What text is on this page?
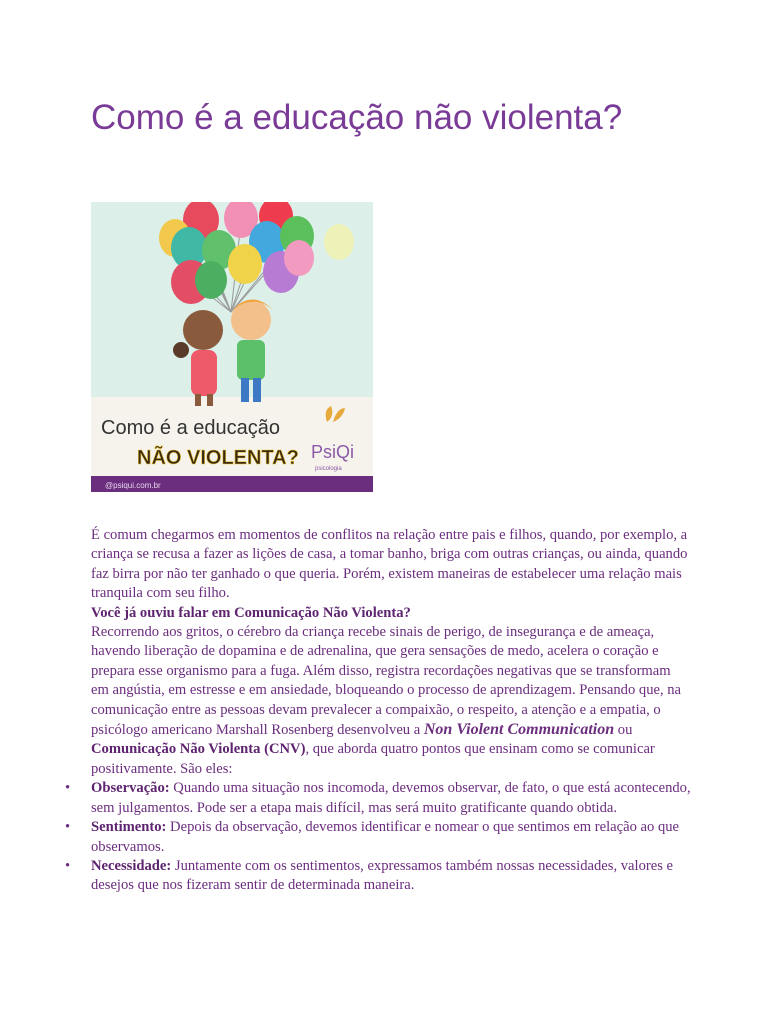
Como é a educação não violenta?
Como é a educação
NÃO VIOLENTA? PsiQi
psicologia
@psiqui.com.br

É comum chegarmos em momentos de conflitos na relação entre pais e filhos, quando, por exemplo, a criança se recusa a fazer as lições de casa, a tomar banho, briga com outras crianças, ou ainda, quando faz birra por não ter ganhado o que queria. Porém, existem maneiras de estabelecer uma relação mais tranquila com seu filho.

Você já ouviu falar em Comunicação Não Violenta?

Recorrendo aos gritos, o cérebro da criança recebe sinais de perigo, de insegurança e de ameaça, havendo liberação de dopamina e de adrenalina, que gera sensações de medo, acelera o coração e prepara esse organismo para a fuga. Além disso, registra recordações negativas que se transformam em angústia, em estresse e em ansiedade, bloqueando o processo de aprendizagem. Pensando que, na comunicação entre as pessoas devam prevalecer a compaixão, o respeito, a atenção e a empatia, o psicólogo americano Marshall Rosenberg desenvolveu a Non Violent Communication ou Comunicação Não Violenta (CNV), que aborda quatro pontos que ensinam como se comunicar positivamente. São eles:

• Observação: Quando uma situação nos incomoda, devemos observar, de fato, o que está acontecendo, sem julgamentos. Pode ser a etapa mais difícil, mas será muito gratificante quando obtida.
• Sentimento: Depois da observação, devemos identificar e nomear o que sentimos em relação ao que observamos.
• Necessidade: Juntamente com os sentimentos, expressamos também nossas necessidades, valores e desejos que nos fizeram sentir de determinada maneira.
